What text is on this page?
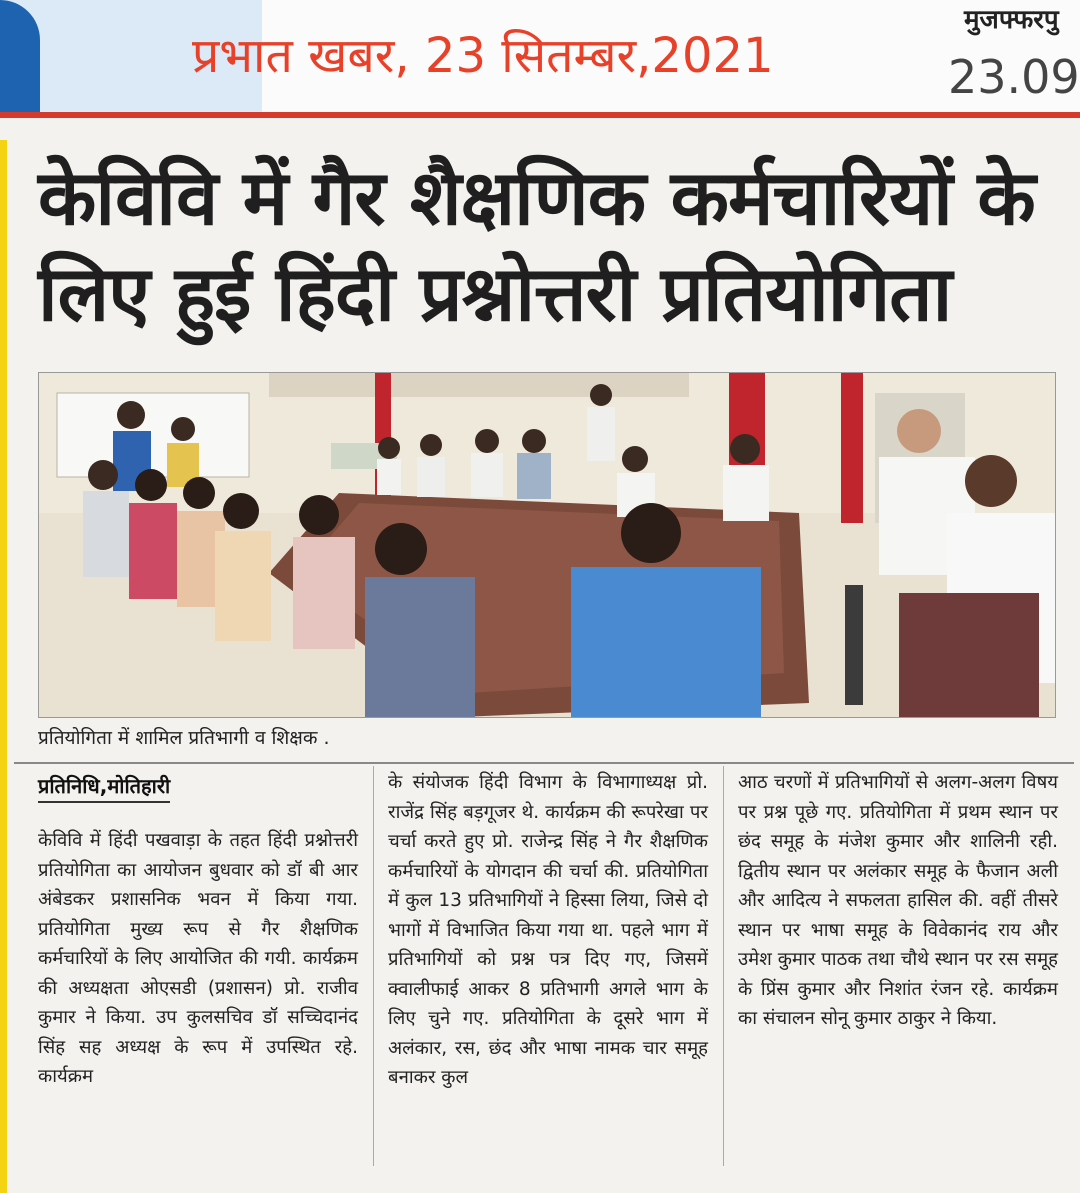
प्रभात खबर, 23 सितम्बर,2021
मुजफ्फरपु
23.09
केविवि में गैर शैक्षणिक कर्मचारियों के
लिए हुई हिंदी प्रश्नोत्तरी प्रतियोगिता
प्रतियोगिता में शामिल प्रतिभागी व शिक्षक .
प्रतिनिधि,मोतिहारी
केविवि में हिंदी पखवाड़ा के तहत हिंदी प्रश्नोत्तरी प्रतियोगिता का आयोजन बुधवार को डॉ बी आर अंबेडकर प्रशासनिक भवन में किया गया. प्रतियोगिता मुख्य रूप से गैर शैक्षणिक कर्मचारियों के लिए आयोजित की गयी. कार्यक्रम की अध्यक्षता ओएसडी (प्रशासन) प्रो. राजीव कुमार ने किया. उप कुलसचिव डॉ सच्चिदानंद सिंह सह अध्यक्ष के रूप में उपस्थित रहे. कार्यक्रम
के संयोजक हिंदी विभाग के विभागाध्यक्ष प्रो. राजेंद्र सिंह बड़गूजर थे. कार्यक्रम की रूपरेखा पर चर्चा करते हुए प्रो. राजेन्द्र सिंह ने गैर शैक्षणिक कर्मचारियों के योगदान की चर्चा की. प्रतियोगिता में कुल 13 प्रतिभागियों ने हिस्सा लिया, जिसे दो भागों में विभाजित किया गया था. पहले भाग में प्रतिभागियों को प्रश्न पत्र दिए गए, जिसमें क्वालीफाई आकर 8 प्रतिभागी अगले भाग के लिए चुने गए. प्रतियोगिता के दूसरे भाग में अलंकार, रस, छंद और भाषा नामक चार समूह बनाकर कुल
आठ चरणों में प्रतिभागियों से अलग-अलग विषय पर प्रश्न पूछे गए. प्रतियोगिता में प्रथम स्थान पर छंद समूह के मंजेश कुमार और शालिनी रही. द्वितीय स्थान पर अलंकार समूह के फैजान अली और आदित्य ने सफलता हासिल की. वहीं तीसरे स्थान पर भाषा समूह के विवेकानंद राय और उमेश कुमार पाठक तथा चौथे स्थान पर रस समूह के प्रिंस कुमार और निशांत रंजन रहे. कार्यक्रम का संचालन सोनू कुमार ठाकुर ने किया.
